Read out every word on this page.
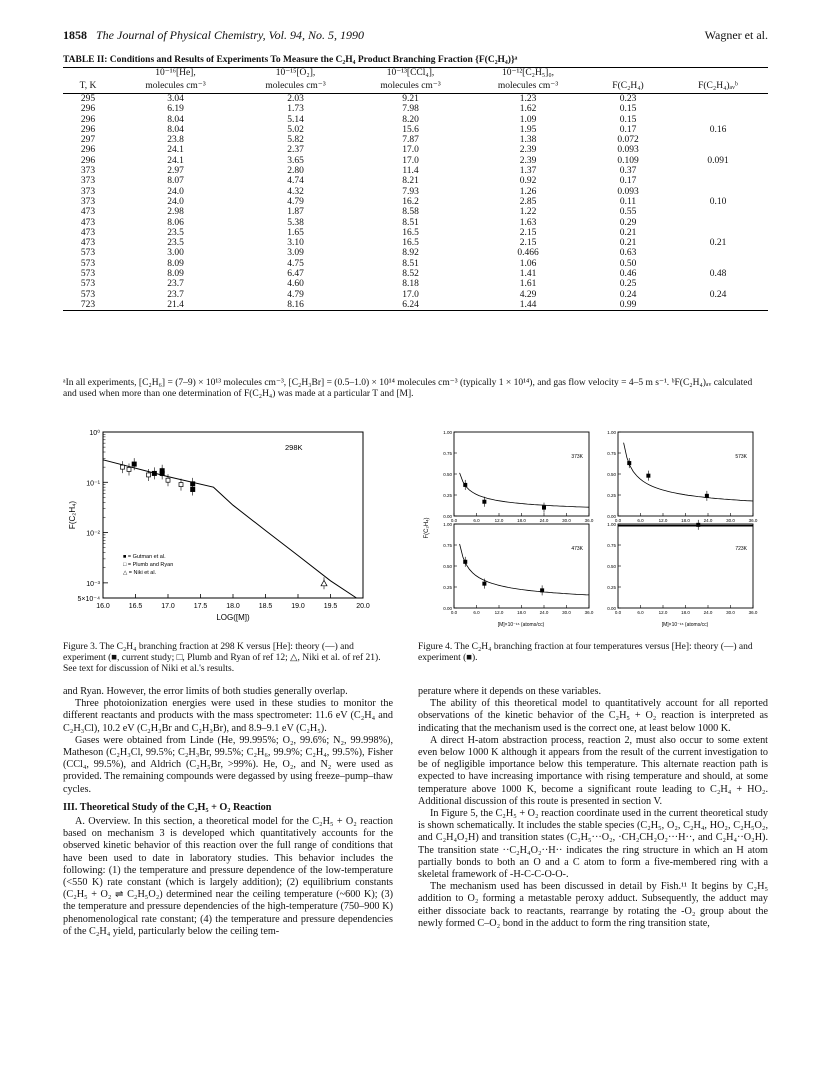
1858 The Journal of Physical Chemistry, Vol. 94, No. 5, 1990	Wagner et al.
TABLE II: Conditions and Results of Experiments To Measure the C₂H₄ Product Branching Fraction {F(C₂H₄)}ᵃ
	10⁻¹⁶[He],	10⁻¹⁵[O₂],	10⁻¹³[CCl₄],	10⁻¹²[C₂H₅]₀,		
T, K	molecules cm⁻³	molecules cm⁻³	molecules cm⁻³	molecules cm⁻³	F(C₂H₄)	F(C₂H₄)ₐᵥᵇ
295	3.04	2.03	9.21	1.23	0.23	
296	6.19	1.73	7.98	1.62	0.15	
296	8.04	5.14	8.20	1.09	0.15	
296	8.04	5.02	15.6	1.95	0.17	0.16
297	23.8	5.82	7.87	1.38	0.072	
296	24.1	2.37	17.0	2.39	0.093	
296	24.1	3.65	17.0	2.39	0.109	0.091
373	2.97	2.80	11.4	1.37	0.37	
373	8.07	4.74	8.21	0.92	0.17	
373	24.0	4.32	7.93	1.26	0.093	
373	24.0	4.79	16.2	2.85	0.11	0.10
473	2.98	1.87	8.58	1.22	0.55	
473	8.06	5.38	8.51	1.63	0.29	
473	23.5	1.65	16.5	2.15	0.21	
473	23.5	3.10	16.5	2.15	0.21	0.21
573	3.00	3.09	8.92	0.466	0.63	
573	8.09	4.75	8.51	1.06	0.50	
573	8.09	6.47	8.52	1.41	0.46	0.48
573	23.7	4.60	8.18	1.61	0.25	
573	23.7	4.79	17.0	4.29	0.24	0.24
723	21.4	8.16	6.24	1.44	0.99	
ᵃIn all experiments, [C₂H₆] = (7–9) × 10¹³ molecules cm⁻³, [C₂H₃Br] = (0.5–1.0) × 10¹⁴ molecules cm⁻³ (typically 1 × 10¹⁴), and gas flow velocity = 4–5 m s⁻¹. ᵇF(C₂H₄)ₐᵥ calculated and used when more than one determination of F(C₂H₄) was made at a particular T and [M].
16.0	16.5	17.0	17.5	18.0	18.5	19.0	19.5	20.0
10⁰
10⁻¹
10⁻²
10⁻³
5×10⁻⁴
LOG([M])
F(C₂H₄)
298K
■ = Gutman et al.
□ = Plumb and Ryan
△ = Niki et al.
0.00
0.25
0.50
0.75
1.00
0.0	6.0	12.0	18.0	24.0	30.0	36.0
373K
0.00
0.25
0.50
0.75
1.00
0.0	6.0	12.0	18.0	24.0	30.0	36.0
573K
0.00
0.25
0.50
0.75
1.00
0.0	6.0	12.0	18.0	24.0	30.0	36.0
473K
0.00
0.25
0.50
0.75
1.00
0.0	6.0	12.0	18.0	24.0	30.0	36.0
723K
F(C₂H₄)
[M]×10⁻¹⁶ (atoms/cc)	[M]×10⁻¹⁶ (atoms/cc)
Figure 3. The C₂H₄ branching fraction at 298 K versus [He]: theory (—) and experiment (■, current study; □, Plumb and Ryan of ref 12; △, Niki et al. of ref 21). See text for discussion of Niki et al.'s results.
Figure 4. The C₂H₄ branching fraction at four temperatures versus [He]: theory (—) and experiment (■).

and Ryan. However, the error limits of both studies generally overlap.

Three photoionization energies were used in these studies to monitor the different reactants and products with the mass spectrometer: 11.6 eV (C₂H₄ and C₂H₃Cl), 10.2 eV (C₂H₃Br and C₂H₃Br), and 8.9–9.1 eV (C₂H₅).

Gases were obtained from Linde (He, 99.995%; O₂, 99.6%; N₂, 99.998%), Matheson (C₂H₃Cl, 99.5%; C₂H₃Br, 99.5%; C₂H₆, 99.9%; C₂H₄, 99.5%), Fisher (CCl₄, 99.5%), and Aldrich (C₂H₅Br, >99%). He, O₂, and N₂ were used as provided. The remaining compounds were degassed by using freeze–pump–thaw cycles.

III. Theoretical Study of the C₂H₅ + O₂ Reaction

A. Overview. In this section, a theoretical model for the C₂H₅ + O₂ reaction based on mechanism 3 is developed which quantitatively accounts for the observed kinetic behavior of this reaction over the full range of conditions that have been used to date in laboratory studies. This behavior includes the following: (1) the temperature and pressure dependence of the low-temperature (<550 K) rate constant (which is largely addition); (2) equilibrium constants (C₂H₅ + O₂ ⇌ C₂H₅O₂) determined near the ceiling temperature (~600 K); (3) the temperature and pressure dependencies of the high-temperature (750–900 K) phenomenological rate constant; (4) the temperature and pressure dependencies of the C₂H₄ yield, particularly below the ceiling tem-

perature where it depends on these variables.

The ability of this theoretical model to quantitatively account for all reported observations of the kinetic behavior of the C₂H₅ + O₂ reaction is interpreted as indicating that the mechanism used is the correct one, at least below 1000 K.

A direct H-atom abstraction process, reaction 2, must also occur to some extent even below 1000 K although it appears from the result of the current investigation to be of negligible importance below this temperature. This alternate reaction path is expected to have increasing importance with rising temperature and should, at some temperature above 1000 K, become a significant route leading to C₂H₄ + HO₂. Additional discussion of this route is presented in section V.

In Figure 5, the C₂H₅ + O₂ reaction coordinate used in the current theoretical study is shown schematically. It includes the stable species (C₂H₅, O₂, C₂H₄, HO₂, C₂H₅O₂, and C₂H₄O₂H) and transition states (C₂H₅···O₂, ·CH₂CH₂O₂···H··, and C₂H₄··O₂H). The transition state ··C₂H₄O₂··H·· indicates the ring structure in which an H atom partially bonds to both an O and a C atom to form a five-membered ring with a skeletal framework of -H-C-C-O-O-.

The mechanism used has been discussed in detail by Fish.¹¹ It begins by C₂H₅ addition to O₂ forming a metastable peroxy adduct. Subsequently, the adduct may either dissociate back to reactants, rearrange by rotating the -O₂ group about the newly formed C–O₂ bond in the adduct to form the ring transition state,
